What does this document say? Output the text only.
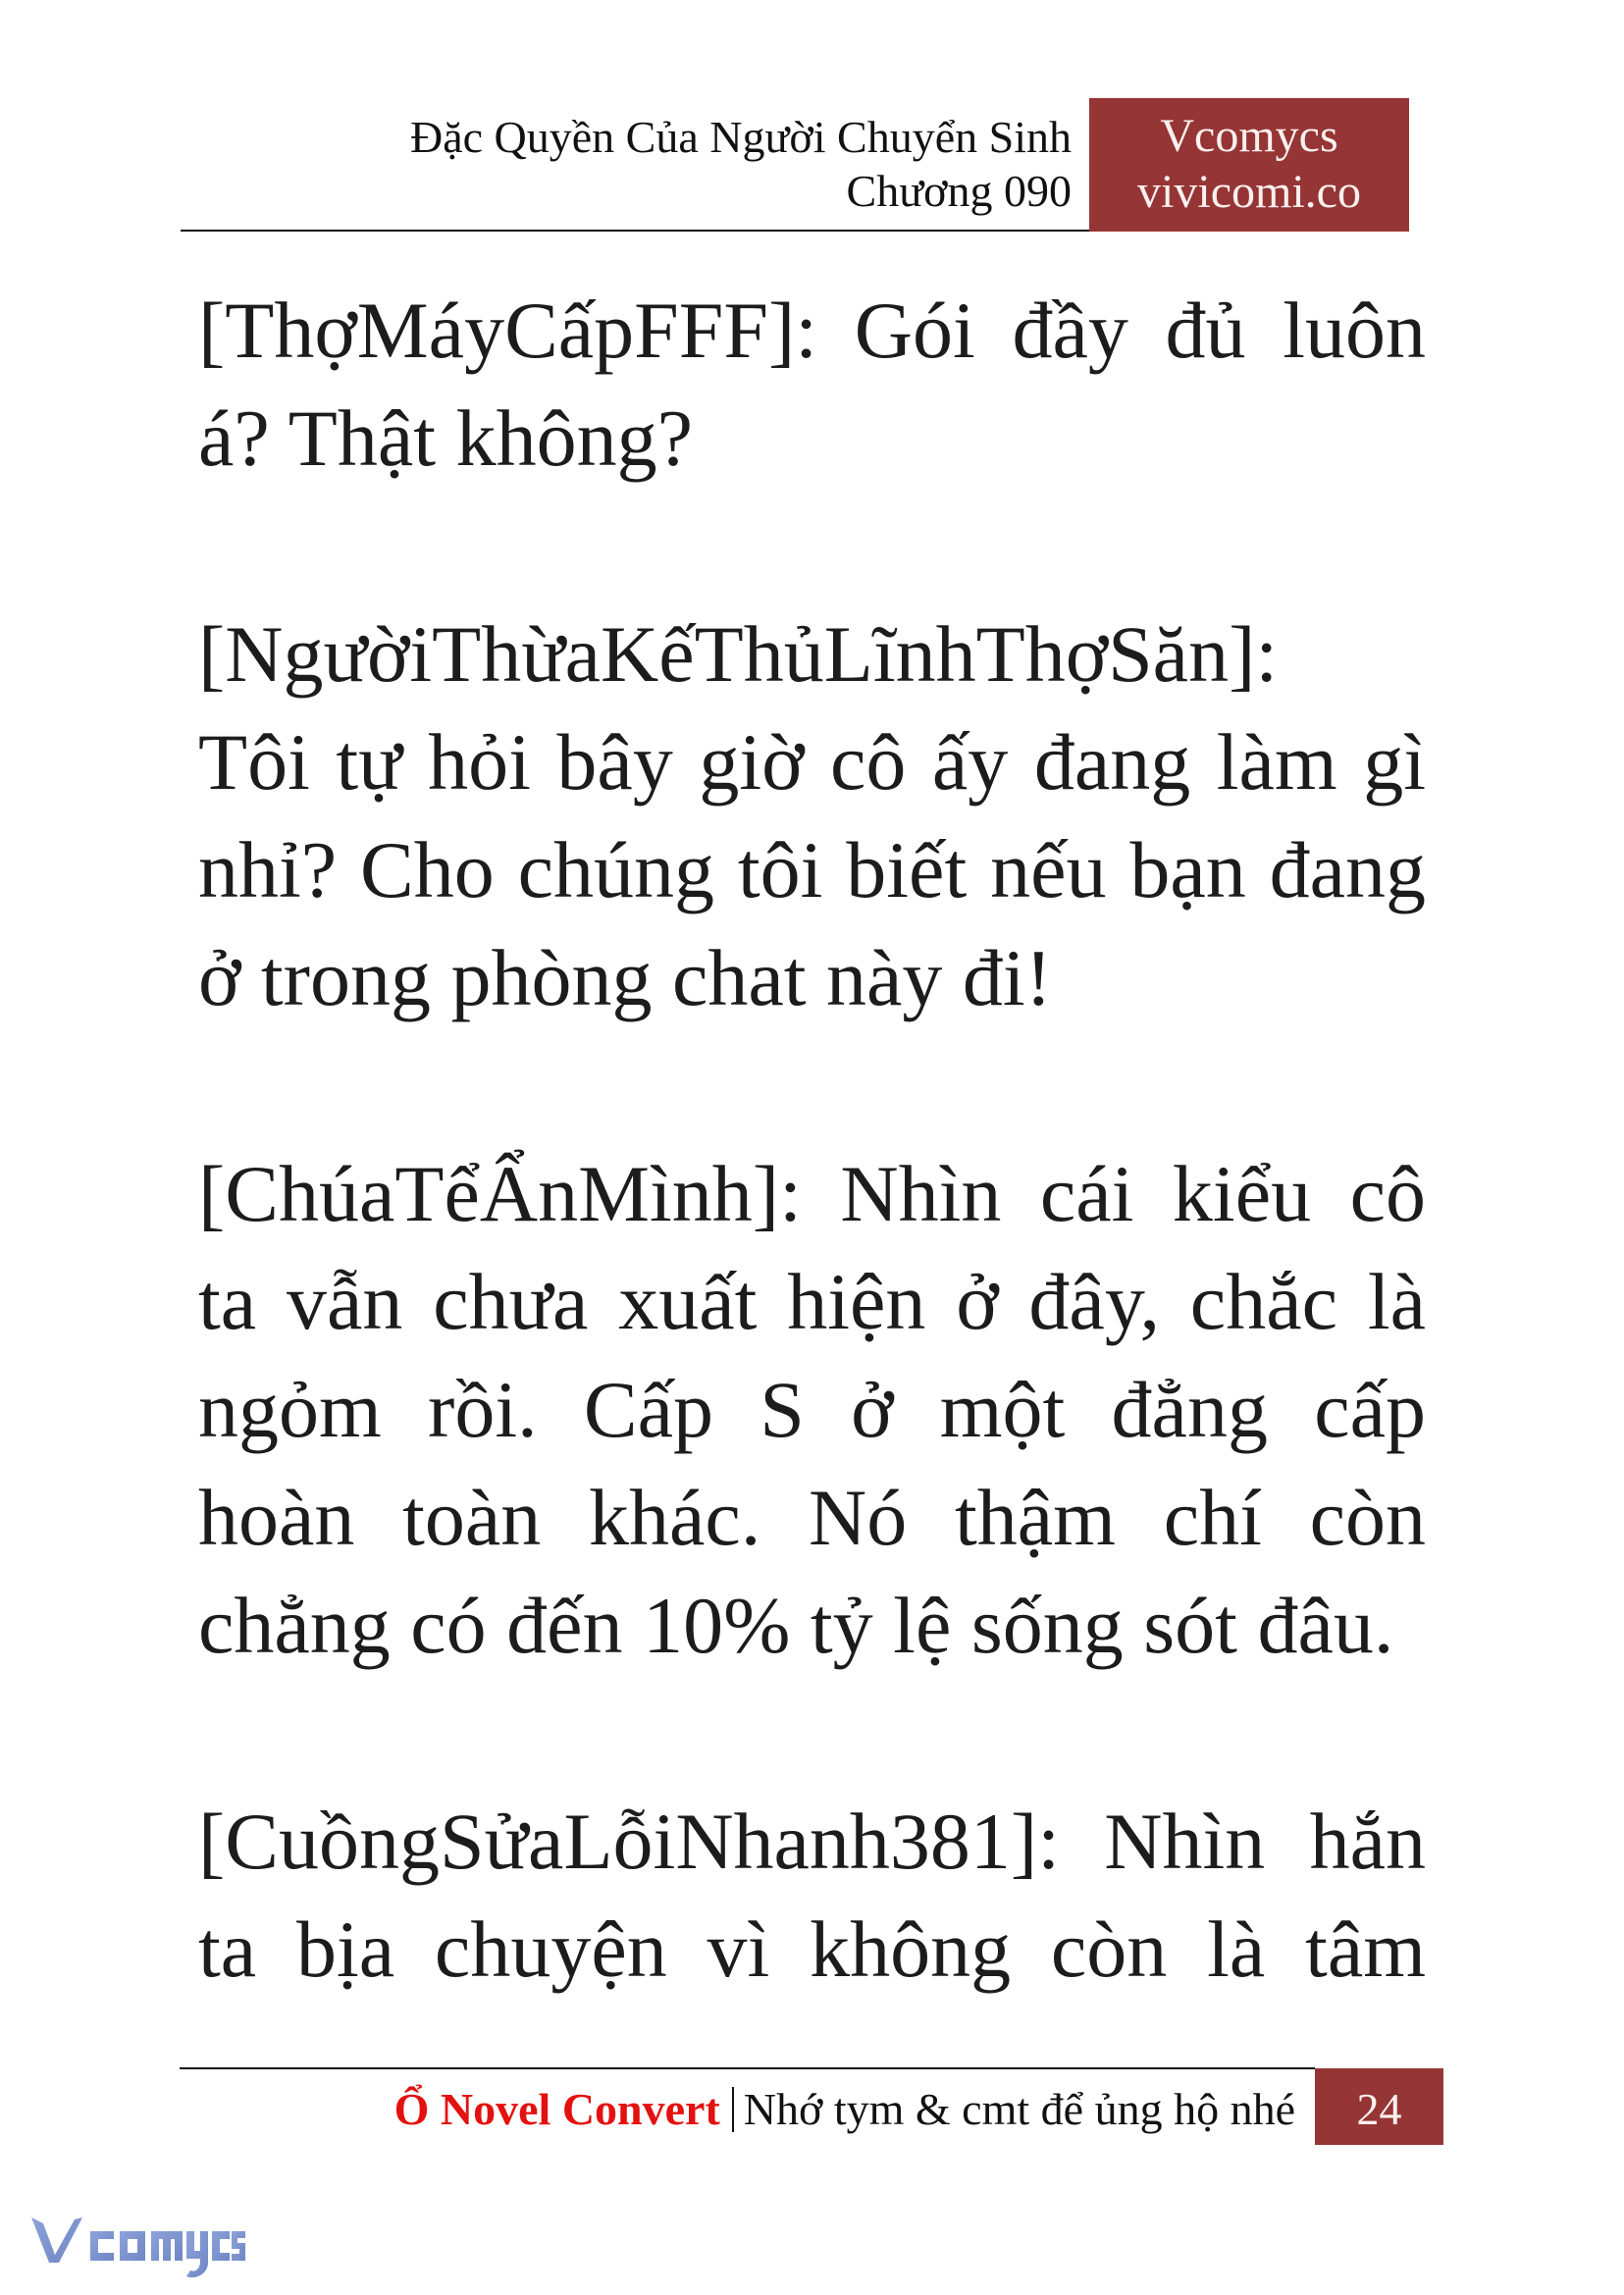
Đặc Quyền Của Người Chuyển Sinh
Chương 090
Vcomycs
vivicomi.co
[ThợMáyCấpFFF]: Gói đầy đủ luôn
á? Thật không?
[NgườiThừaKếThủLĩnhThợSăn]:
Tôi tự hỏi bây giờ cô ấy đang làm gì
nhỉ? Cho chúng tôi biết nếu bạn đang
ở trong phòng chat này đi!
[ChúaTểẨnMình]: Nhìn cái kiểu cô
ta vẫn chưa xuất hiện ở đây, chắc là
ngỏm rồi. Cấp S ở một đẳng cấp
hoàn toàn khác. Nó thậm chí còn
chẳng có đến 10% tỷ lệ sống sót đâu.
[CuồngSửaLỗiNhanh381]: Nhìn hắn
ta bịa chuyện vì không còn là tâm
Ổ Novel Convert Nhớ tym & cmt để ủng hộ nhé	24
